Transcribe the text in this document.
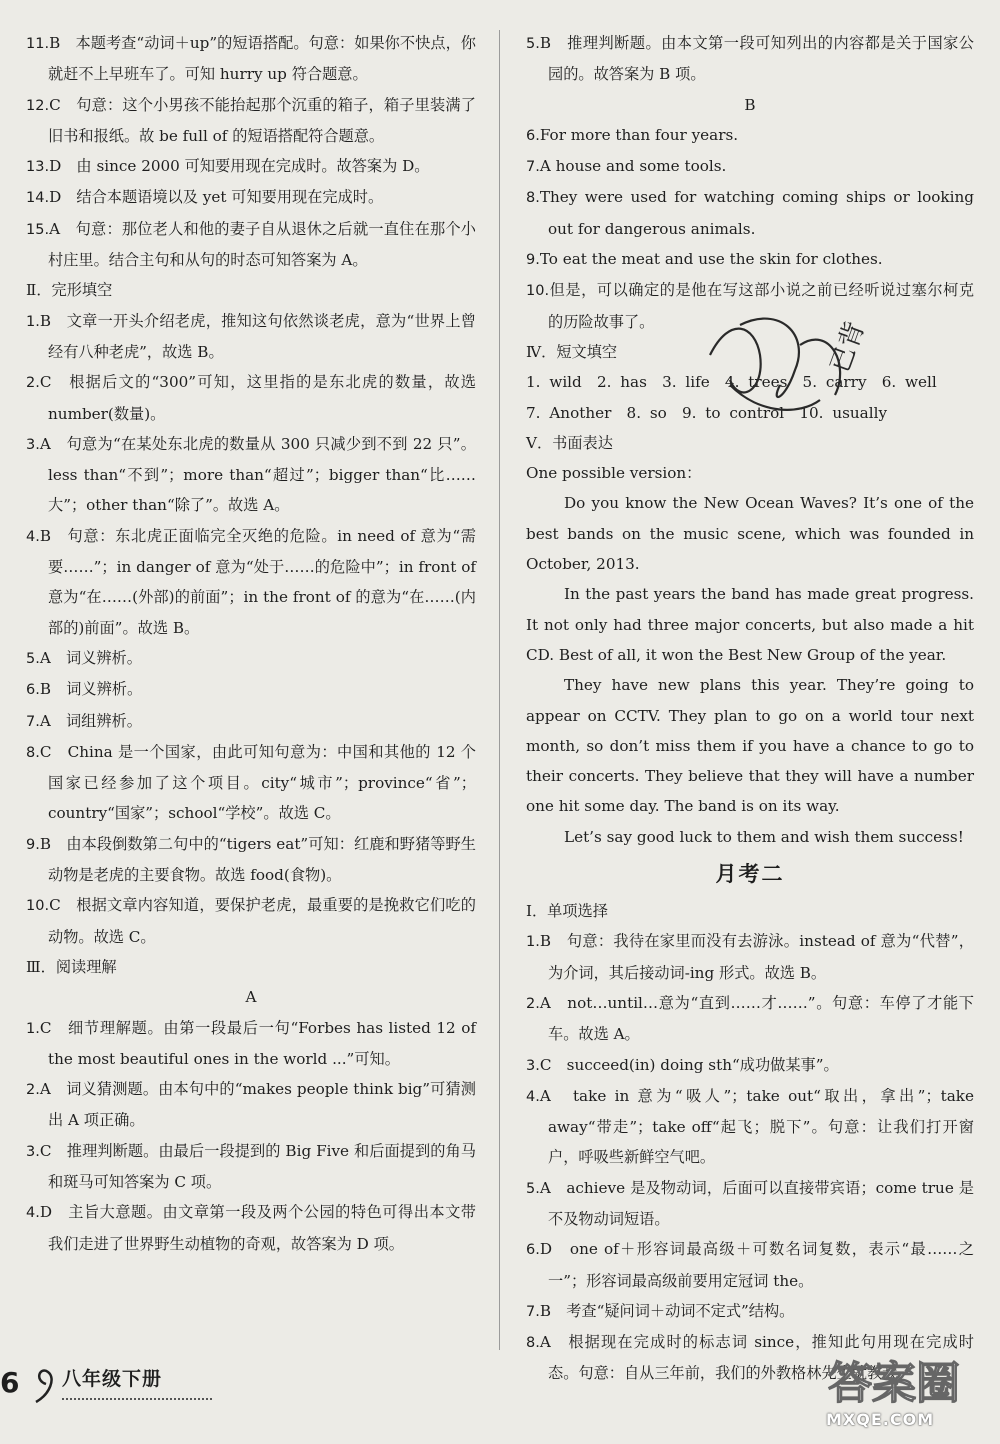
11.B　本题考查“动词＋up”的短语搭配。句意：如果你不快点，你就赶不上早班车了。可知 hurry up 符合题意。

12.C　句意：这个小男孩不能抬起那个沉重的箱子，箱子里装满了旧书和报纸。故 be full of 的短语搭配符合题意。

13.D　由 since 2000 可知要用现在完成时。故答案为 D。

14.D　结合本题语境以及 yet 可知要用现在完成时。

15.A　句意：那位老人和他的妻子自从退休之后就一直住在那个小村庄里。结合主句和从句的时态可知答案为 A。

Ⅱ．完形填空

1.B　文章一开头介绍老虎，推知这句依然谈老虎，意为“世界上曾经有八种老虎”，故选 B。

2.C　根据后文的“300”可知，这里指的是东北虎的数量，故选 number(数量)。

3.A　句意为“在某处东北虎的数量从 300 只减少到不到 22 只”。less than“不到”；more than“超过”；bigger than“比……大”；other than“除了”。故选 A。

4.B　句意：东北虎正面临完全灭绝的危险。in need of 意为“需要……”；in danger of 意为“处于……的危险中”；in front of 意为“在……(外部)的前面”；in the front of 的意为“在……(内部的)前面”。故选 B。

5.A　词义辨析。

6.B　词义辨析。

7.A　词组辨析。

8.C　China 是一个国家，由此可知句意为：中国和其他的 12 个国家已经参加了这个项目。city“城市”；province“省”；country“国家”；school“学校”。故选 C。

9.B　由本段倒数第二句中的“tigers eat”可知：红鹿和野猪等野生动物是老虎的主要食物。故选 food(食物)。

10.C　根据文章内容知道，要保护老虎，最重要的是挽救它们吃的动物。故选 C。

Ⅲ．阅读理解

A

1.C　细节理解题。由第一段最后一句“Forbes has listed 12 of the most beautiful ones in the world ...”可知。

2.A　词义猜测题。由本句中的“makes people think big”可猜测出 A 项正确。

3.C　推理判断题。由最后一段提到的 Big Five 和后面提到的角马和斑马可知答案为 C 项。

4.D　主旨大意题。由文章第一段及两个公园的特色可得出本文带我们走进了世界野生动植物的奇观，故答案为 D 项。

5.B　推理判断题。由本文第一段可知列出的内容都是关于国家公园的。故答案为 B 项。

B

6.For more than four years.

7.A house and some tools.

8.They were used for watching coming ships or looking out for dangerous animals.

9.To eat the meat and use the skin for clothes.

10.但是，可以确定的是他在写这部小说之前已经听说过塞尔柯克的历险故事了。

Ⅳ．短文填空

1. wild　2. has　3. life　4. trees　5. carry　6. well

7. Another　8. so　9. to control　10. usually

Ⅴ．书面表达

One possible version：

Do you know the New Ocean Waves? It’s one of the best bands on the music scene, which was founded in October, 2013.

In the past years the band has made great progress. It not only had three major concerts, but also made a hit CD. Best of all, it won the Best New Group of the year.

They have new plans this year. They’re going to appear on CCTV. They plan to go on a world tour next month, so don’t miss them if you have a chance to go to their concerts. They believe that they will have a number one hit some day. The band is on its way.

Let’s say good luck to them and wish them success!

月考二

Ⅰ．单项选择

1.B　句意：我待在家里而没有去游泳。instead of 意为“代替”，为介词，其后接动词-ing 形式。故选 B。

2.A　not…until…意为“直到……才……”。句意：车停了才能下车。故选 A。

3.C　succeed(in) doing sth“成功做某事”。

4.A　take in 意为“吸人”；take out“取出，拿出”；take away“带走”；take off“起飞；脱下”。句意：让我们打开窗户，呼吸些新鲜空气吧。

5.A　achieve 是及物动词，后面可以直接带宾语；come true 是不及物动词短语。

6.D　one of＋形容词最高级＋可数名词复数，表示“最……之一”；形容词最高级前要用定冠词 the。

7.B　考查“疑问词＋动词不定式”结构。

8.A　根据现在完成时的标志词 since，推知此句用现在完成时态。句意：自从三年前，我们的外教格林先生就教我

已背
6	八年级下册	答案圈
MXQE.COM
